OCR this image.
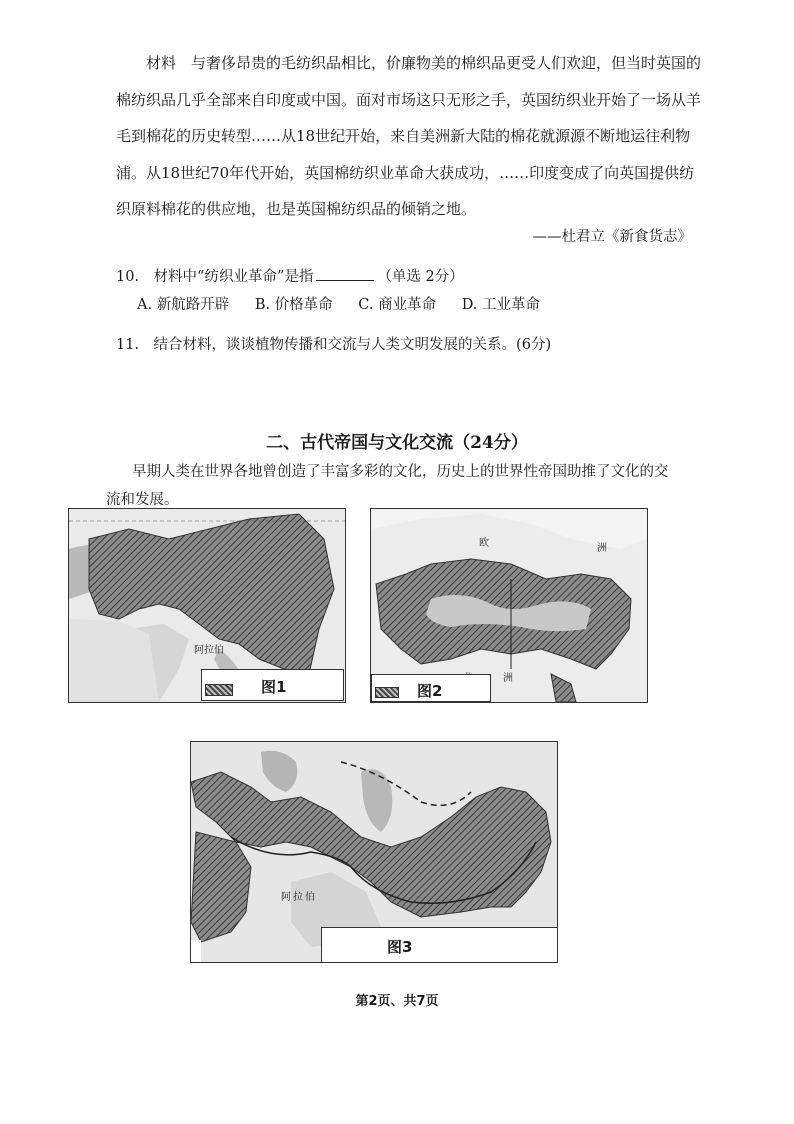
材料　与奢侈昂贵的毛纺织品相比，价廉物美的棉织品更受人们欢迎，但当时英国的
棉纺织品几乎全部来自印度或中国。面对市场这只无形之手，英国纺织业开始了一场从羊
毛到棉花的历史转型……从18世纪开始，来自美洲新大陆的棉花就源源不断地运往利物
浦。从18世纪70年代开始，英国棉纺织业革命大获成功，……印度变成了向英国提供纺
织原料棉花的供应地，也是英国棉纺织品的倾销之地。
——杜君立《新食货志》
10.　材料中“纺织业革命”是指	（单选 2分）
A. 新航路开辟 B. 价格革命 C. 商业革命 D. 工业革命
11.　结合材料，谈谈植物传播和交流与人类文明发展的关系。(6分)
二、古代帝国与文化交流（24分）
早期人类在世界各地曾创造了丰富多彩的文化，历史上的世界性帝国助推了文化的交流和发展。
阿 拉 伯
图1
欧	洲
洲
图2
阿 拉 伯
图3
第2页、共7页
